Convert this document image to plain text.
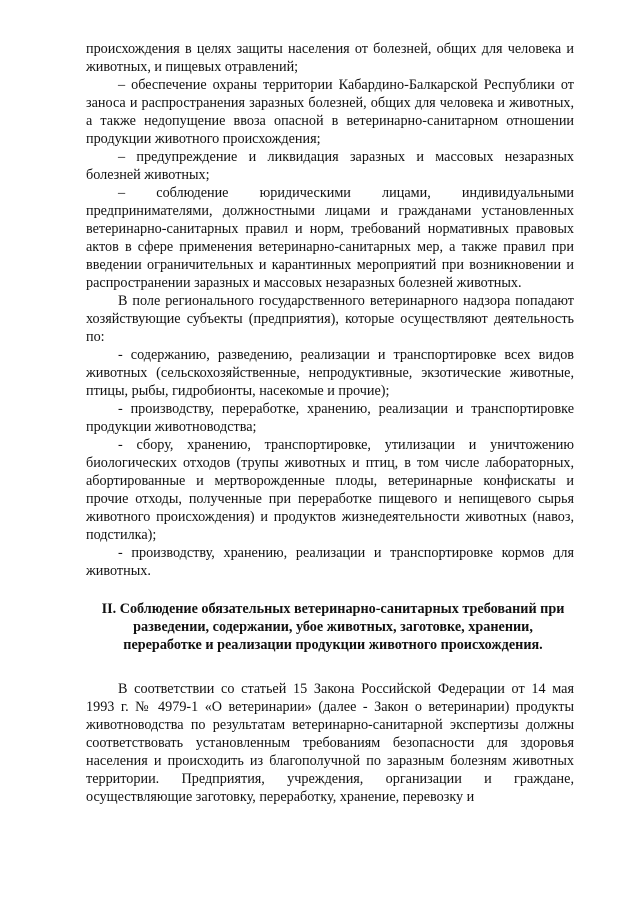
происхождения в целях защиты населения от болезней, общих для человека и животных, и пищевых отравлений;

– обеспечение охраны территории Кабардино-Балкарской Республики от заноса и распространения заразных болезней, общих для человека и животных, а также недопущение ввоза опасной в ветеринарно-санитарном отношении продукции животного происхождения;

– предупреждение и ликвидация заразных и массовых незаразных болезней животных;

– соблюдение юридическими лицами, индивидуальными предпринимателями, должностными лицами и гражданами установленных ветеринарно-санитарных правил и норм, требований нормативных правовых актов в сфере применения ветеринарно-санитарных мер, а также правил при введении ограничительных и карантинных мероприятий при возникновении и распространении заразных и массовых незаразных болезней животных.

В поле регионального государственного ветеринарного надзора попадают хозяйствующие субъекты (предприятия), которые осуществляют деятельность по:

- содержанию, разведению, реализации и транспортировке всех видов животных (сельскохозяйственные, непродуктивные, экзотические животные, птицы, рыбы, гидробионты, насекомые и прочие);

- производству, переработке, хранению, реализации и транспортировке продукции животноводства;

- сбору, хранению, транспортировке, утилизации и уничтожению биологических отходов (трупы животных и птиц, в том числе лабораторных, абортированные и мертворожденные плоды, ветеринарные конфискаты и прочие отходы, полученные при переработке пищевого и непищевого сырья животного происхождения) и продуктов жизнедеятельности животных (навоз, подстилка);

- производству, хранению, реализации и транспортировке кормов для животных.

II. Соблюдение обязательных ветеринарно-санитарных требований при разведении, содержании, убое животных, заготовке, хранении, переработке и реализации продукции животного происхождения.

В соответствии со статьей 15 Закона Российской Федерации от 14 мая 1993 г. № 4979-1 «О ветеринарии» (далее - Закон о ветеринарии) продукты животноводства по результатам ветеринарно-санитарной экспертизы должны соответствовать установленным требованиям безопасности для здоровья населения и происходить из благополучной по заразным болезням животных территории. Предприятия, учреждения, организации и граждане, осуществляющие заготовку, переработку, хранение, перевозку и
